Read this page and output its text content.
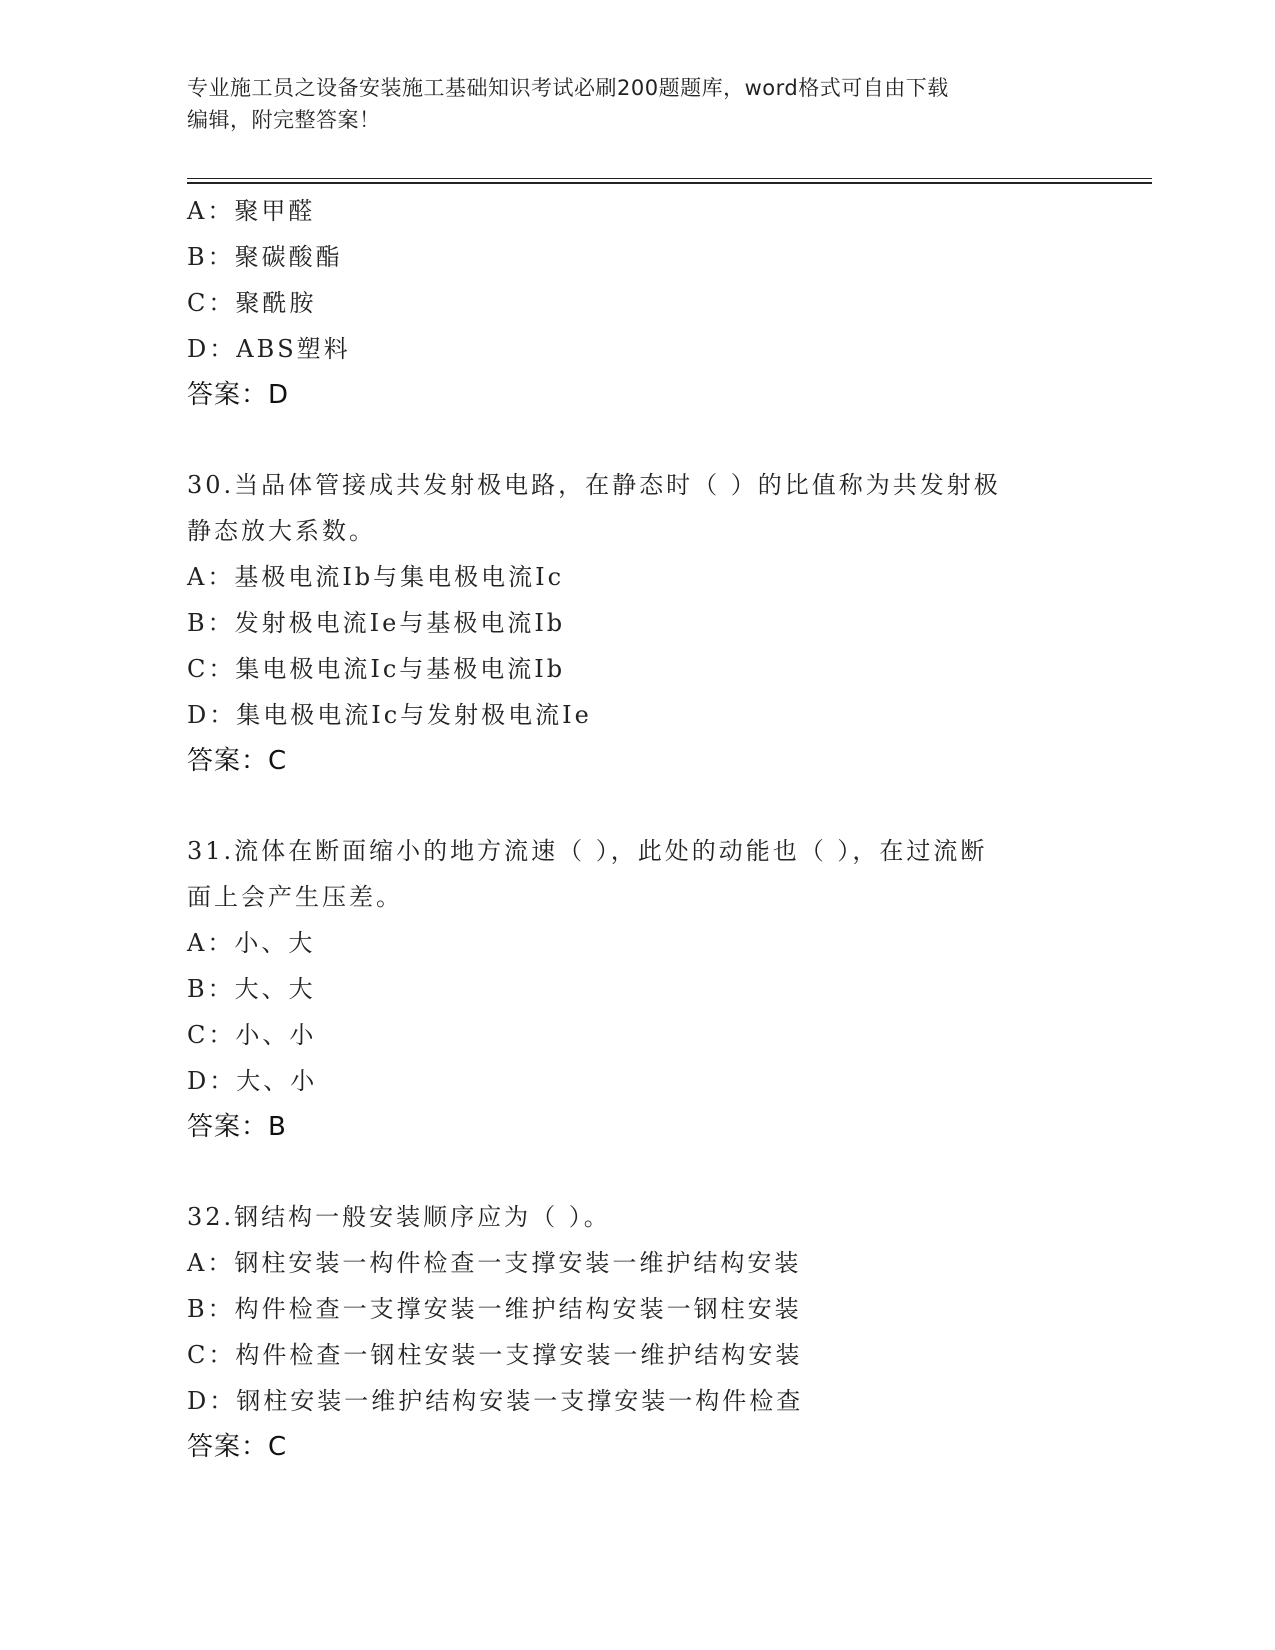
专业施工员之设备安装施工基础知识考试必刷200题题库，word格式可自由下载
编辑，附完整答案！
A：聚甲醛
B：聚碳酸酯
C：聚酰胺
D：ABS塑料
答案：D
30.当品体管接成共发射极电路，在静态时（ ）的比值称为共发射极
静态放大系数。
A：基极电流Ib与集电极电流Ic
B：发射极电流Ie与基极电流Ib
C：集电极电流Ic与基极电流Ib
D：集电极电流Ic与发射极电流Ie
答案：C
31.流体在断面缩小的地方流速（ ），此处的动能也（ ），在过流断
面上会产生压差。
A：小、大
B：大、大
C：小、小
D：大、小
答案：B
32.钢结构一般安装顺序应为（ ）。
A：钢柱安装一构件检查一支撑安装一维护结构安装
B：构件检查一支撑安装一维护结构安装一钢柱安装
C：构件检查一钢柱安装一支撑安装一维护结构安装
D：钢柱安装一维护结构安装一支撑安装一构件检查
答案：C
